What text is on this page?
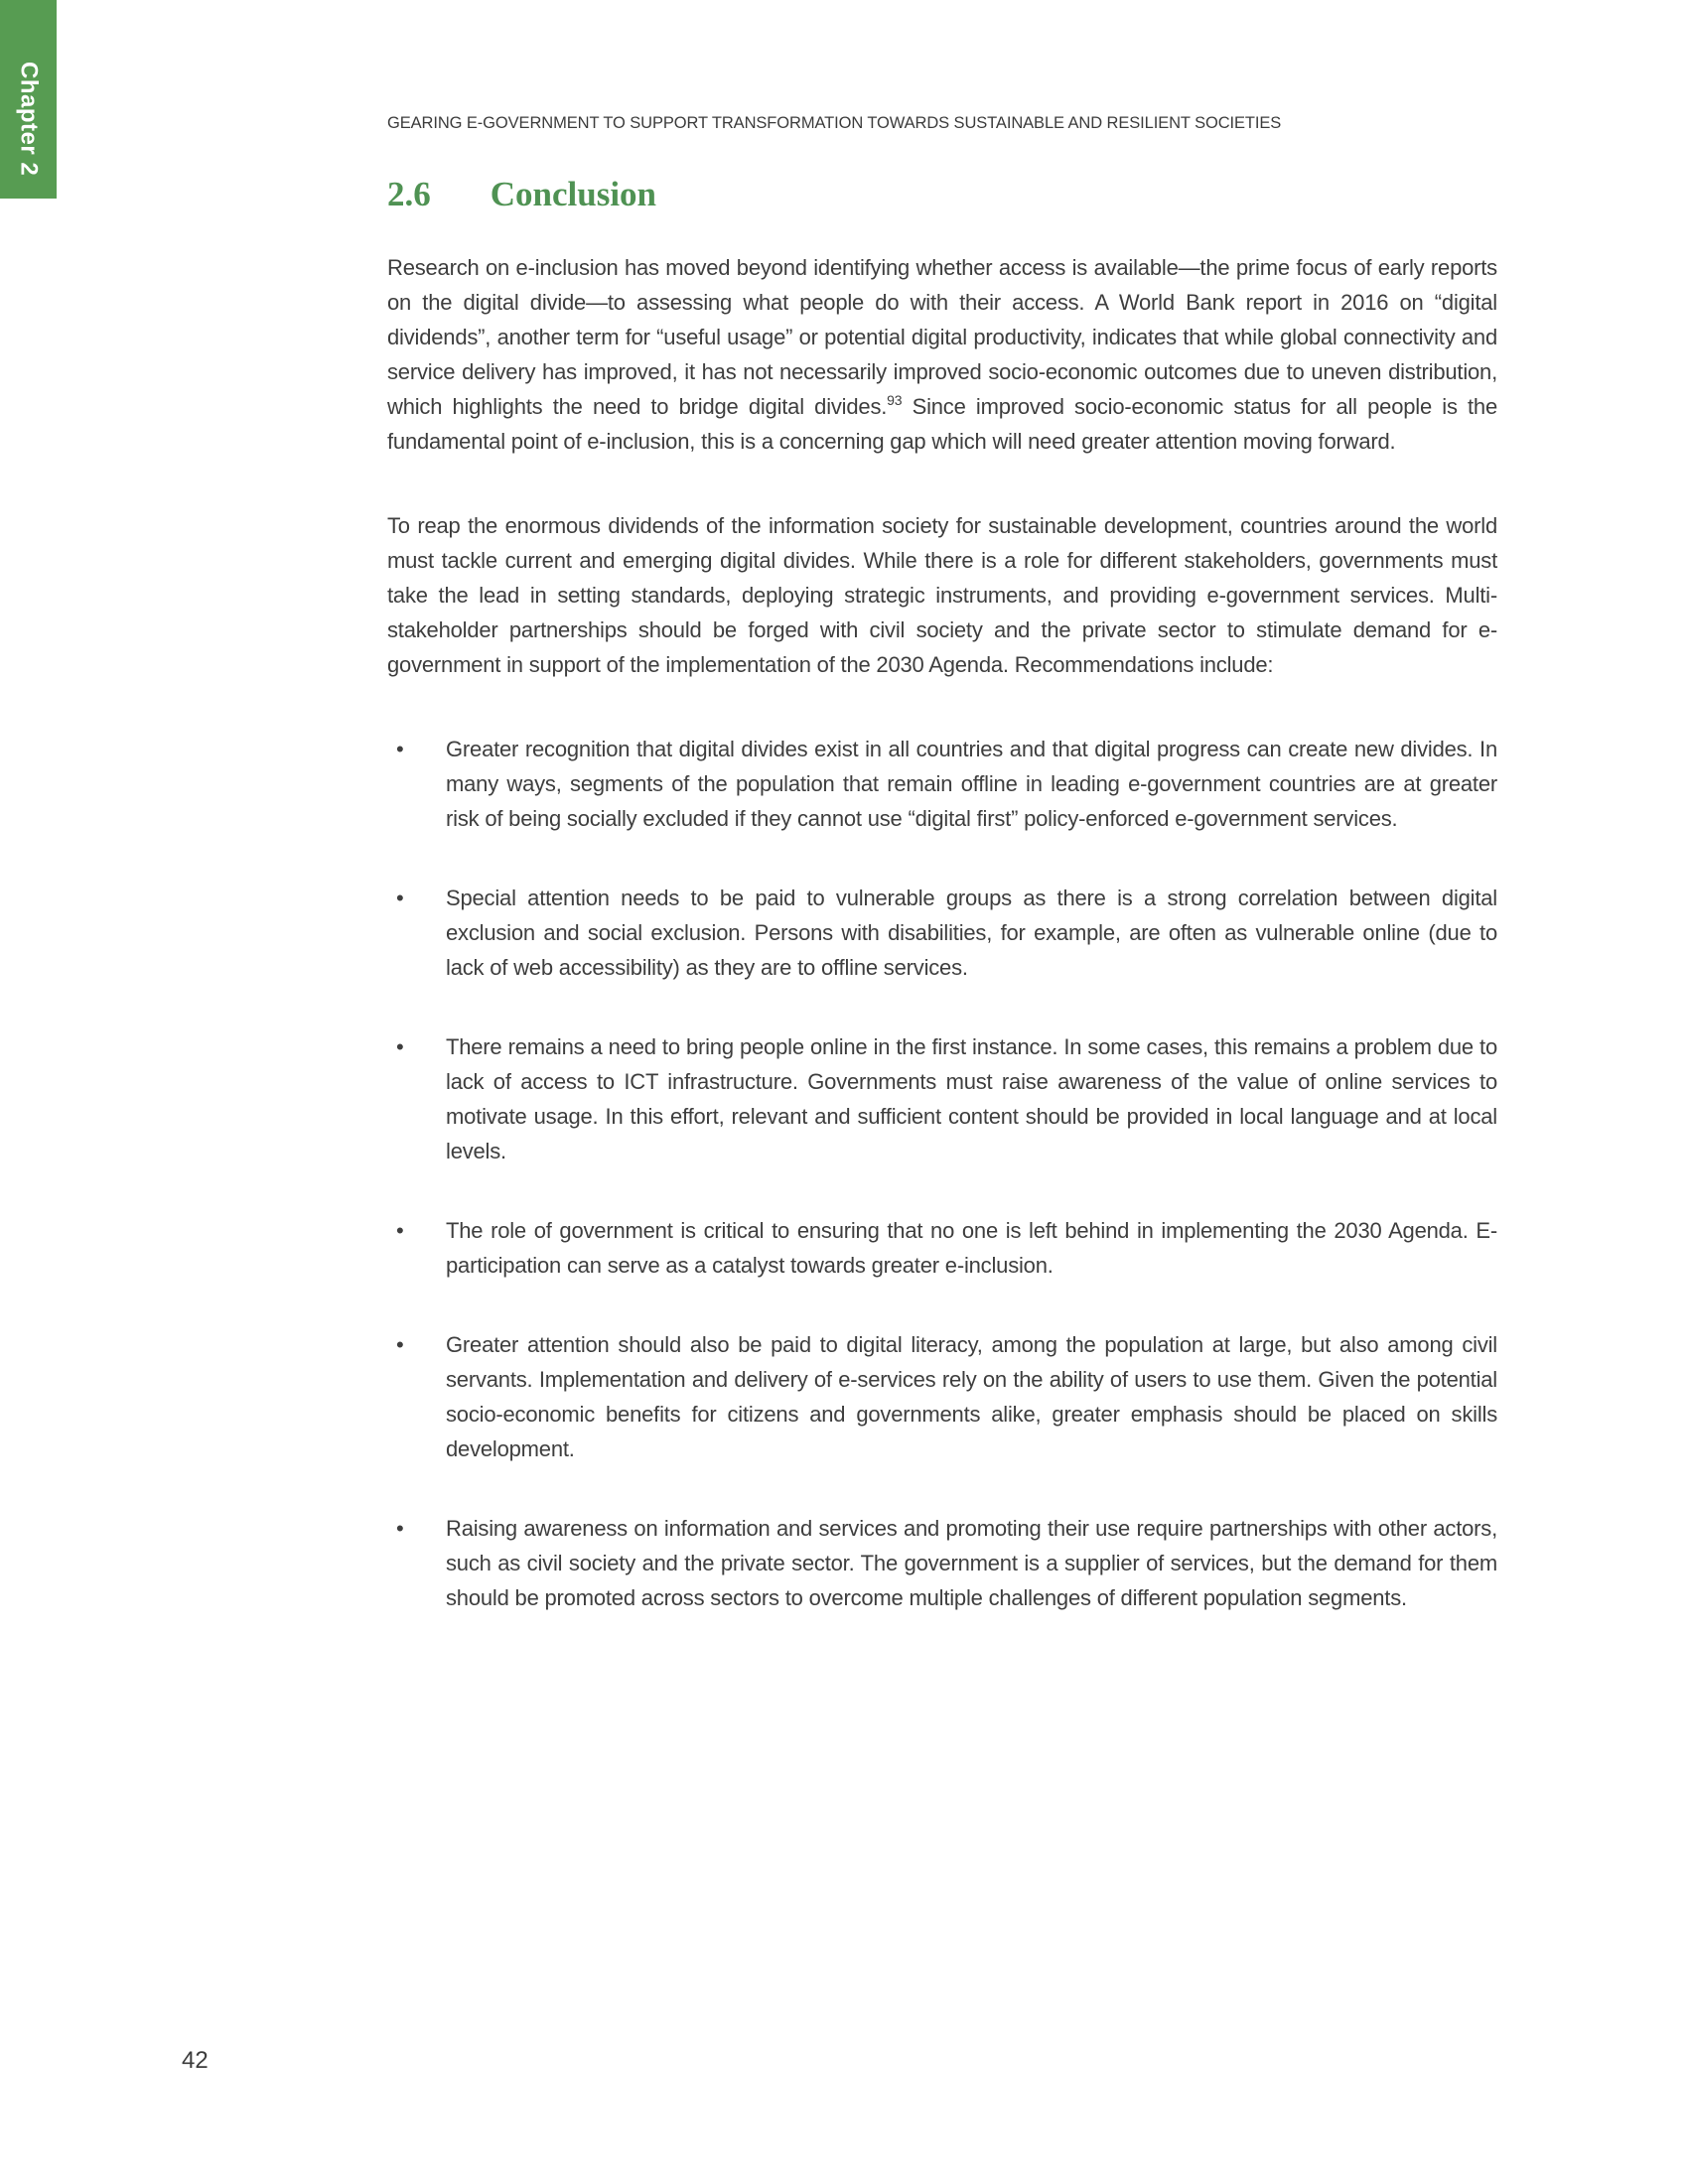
Chapter 2	GEARING E-GOVERNMENT TO SUPPORT TRANSFORMATION TOWARDS SUSTAINABLE AND RESILIENT SOCIETIES
2.6 Conclusion

Research on e-inclusion has moved beyond identifying whether access is available—the prime focus of early reports on the digital divide—to assessing what people do with their access. A World Bank report in 2016 on “digital dividends”, another term for “useful usage” or potential digital productivity, indicates that while global connectivity and service delivery has improved, it has not necessarily improved socio-economic outcomes due to uneven distribution, which highlights the need to bridge digital divides.$^{93}$ Since improved socio-economic status for all people is the fundamental point of e-inclusion, this is a concerning gap which will need greater attention moving forward.

To reap the enormous dividends of the information society for sustainable development, countries around the world must tackle current and emerging digital divides. While there is a role for different stakeholders, governments must take the lead in setting standards, deploying strategic instruments, and providing e-government services. Multi-stakeholder partnerships should be forged with civil society and the private sector to stimulate demand for e-government in support of the implementation of the 2030 Agenda. Recommendations include:

• Greater recognition that digital divides exist in all countries and that digital progress can create new divides. In many ways, segments of the population that remain offline in leading e-government countries are at greater risk of being socially excluded if they cannot use “digital first” policy-enforced e-government services.
• Special attention needs to be paid to vulnerable groups as there is a strong correlation between digital exclusion and social exclusion. Persons with disabilities, for example, are often as vulnerable online (due to lack of web accessibility) as they are to offline services.
• There remains a need to bring people online in the first instance. In some cases, this remains a problem due to lack of access to ICT infrastructure. Governments must raise awareness of the value of online services to motivate usage. In this effort, relevant and sufficient content should be provided in local language and at local levels.
• The role of government is critical to ensuring that no one is left behind in implementing the 2030 Agenda. E-participation can serve as a catalyst towards greater e-inclusion.
• Greater attention should also be paid to digital literacy, among the population at large, but also among civil servants. Implementation and delivery of e-services rely on the ability of users to use them. Given the potential socio-economic benefits for citizens and governments alike, greater emphasis should be placed on skills development.
• Raising awareness on information and services and promoting their use require partnerships with other actors, such as civil society and the private sector. The government is a supplier of services, but the demand for them should be promoted across sectors to overcome multiple challenges of different population segments.
42
